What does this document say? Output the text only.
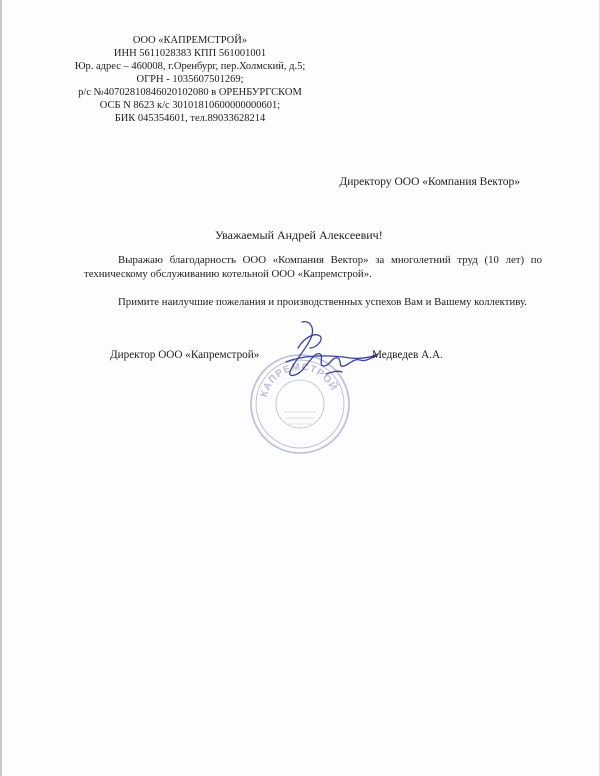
ООО «КАПРЕМСТРОЙ»
ИНН 5611028383 КПП 561001001
Юр. адрес – 460008, г.Оренбург, пер.Холмский, д.5;
ОГРН - 1035607501269;
р/с №40702810846020102080 в ОРЕНБУРГСКОМ
ОСБ N 8623 к/с 30101810600000000601;
БИК 045354601, тел.89033628214
Директору ООО «Компания Вектор»
Уважаемый Андрей Алексеевич!
Выражаю благодарность ООО «Компания Вектор» за многолетний труд (10 лет) по техническому обслуживанию котельной ООО «Капремстрой».
Примите наилучшие пожелания и производственных успехов Вам и Вашему коллективу.
КАПРЕМСТРОЙ
Директор ООО «Капремстрой»	Медведев А.А.
